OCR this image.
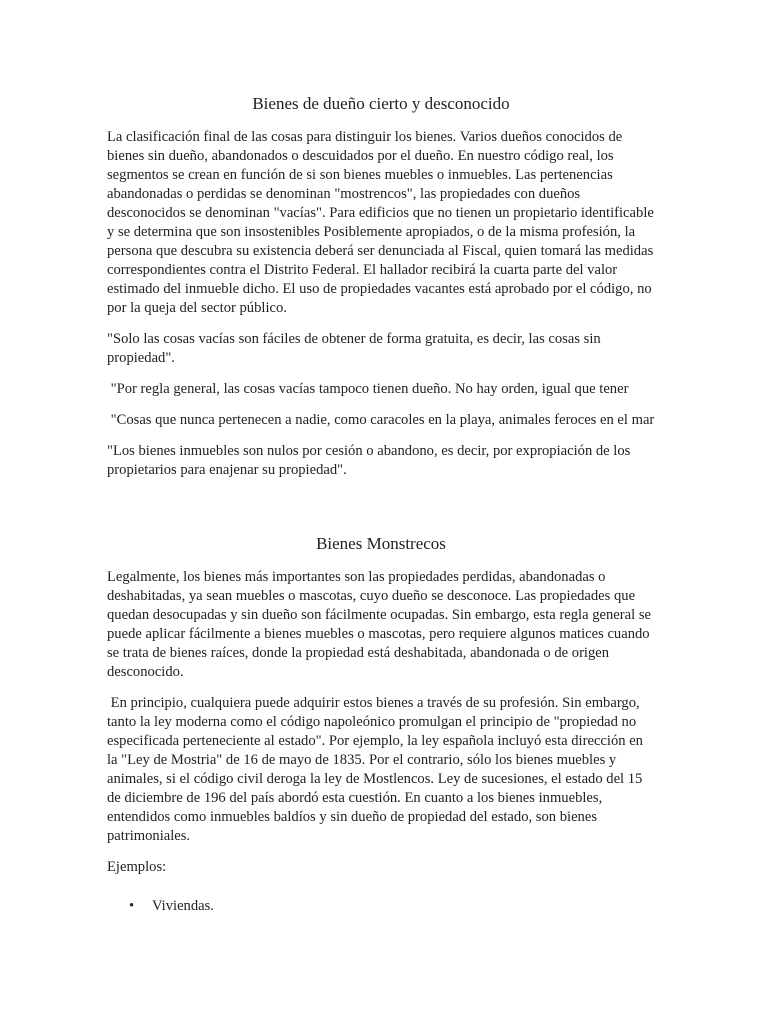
Bienes de dueño cierto y desconocido

La clasificación final de las cosas para distinguir los bienes. Varios dueños conocidos de bienes sin dueño, abandonados o descuidados por el dueño. En nuestro código real, los segmentos se crean en función de si son bienes muebles o inmuebles. Las pertenencias abandonadas o perdidas se denominan "mostrencos", las propiedades con dueños desconocidos se denominan "vacías". Para edificios que no tienen un propietario identificable y se determina que son insostenibles Posiblemente apropiados, o de la misma profesión, la persona que descubra su existencia deberá ser denunciada al Fiscal, quien tomará las medidas correspondientes contra el Distrito Federal. El hallador recibirá la cuarta parte del valor estimado del inmueble dicho. El uso de propiedades vacantes está aprobado por el código, no por la queja del sector público.

"Solo las cosas vacías son fáciles de obtener de forma gratuita, es decir, las cosas sin propiedad".

"Por regla general, las cosas vacías tampoco tienen dueño. No hay orden, igual que tener

"Cosas que nunca pertenecen a nadie, como caracoles en la playa, animales feroces en el mar

"Los bienes inmuebles son nulos por cesión o abandono, es decir, por expropiación de los propietarios para enajenar su propiedad".

Bienes Monstrecos

Legalmente, los bienes más importantes son las propiedades perdidas, abandonadas o deshabitadas, ya sean muebles o mascotas, cuyo dueño se desconoce. Las propiedades que quedan desocupadas y sin dueño son fácilmente ocupadas. Sin embargo, esta regla general se puede aplicar fácilmente a bienes muebles o mascotas, pero requiere algunos matices cuando se trata de bienes raíces, donde la propiedad está deshabitada, abandonada o de origen desconocido.

En principio, cualquiera puede adquirir estos bienes a través de su profesión. Sin embargo, tanto la ley moderna como el código napoleónico promulgan el principio de "propiedad no especificada perteneciente al estado". Por ejemplo, la ley española incluyó esta dirección en la "Ley de Mostria" de 16 de mayo de 1835. Por el contrario, sólo los bienes muebles y animales, si el código civil deroga la ley de Mostlencos. Ley de sucesiones, el estado del 15 de diciembre de 196 del país abordó esta cuestión. En cuanto a los bienes inmuebles, entendidos como inmuebles baldíos y sin dueño de propiedad del estado, son bienes patrimoniales.

Ejemplos:

• Viviendas.
